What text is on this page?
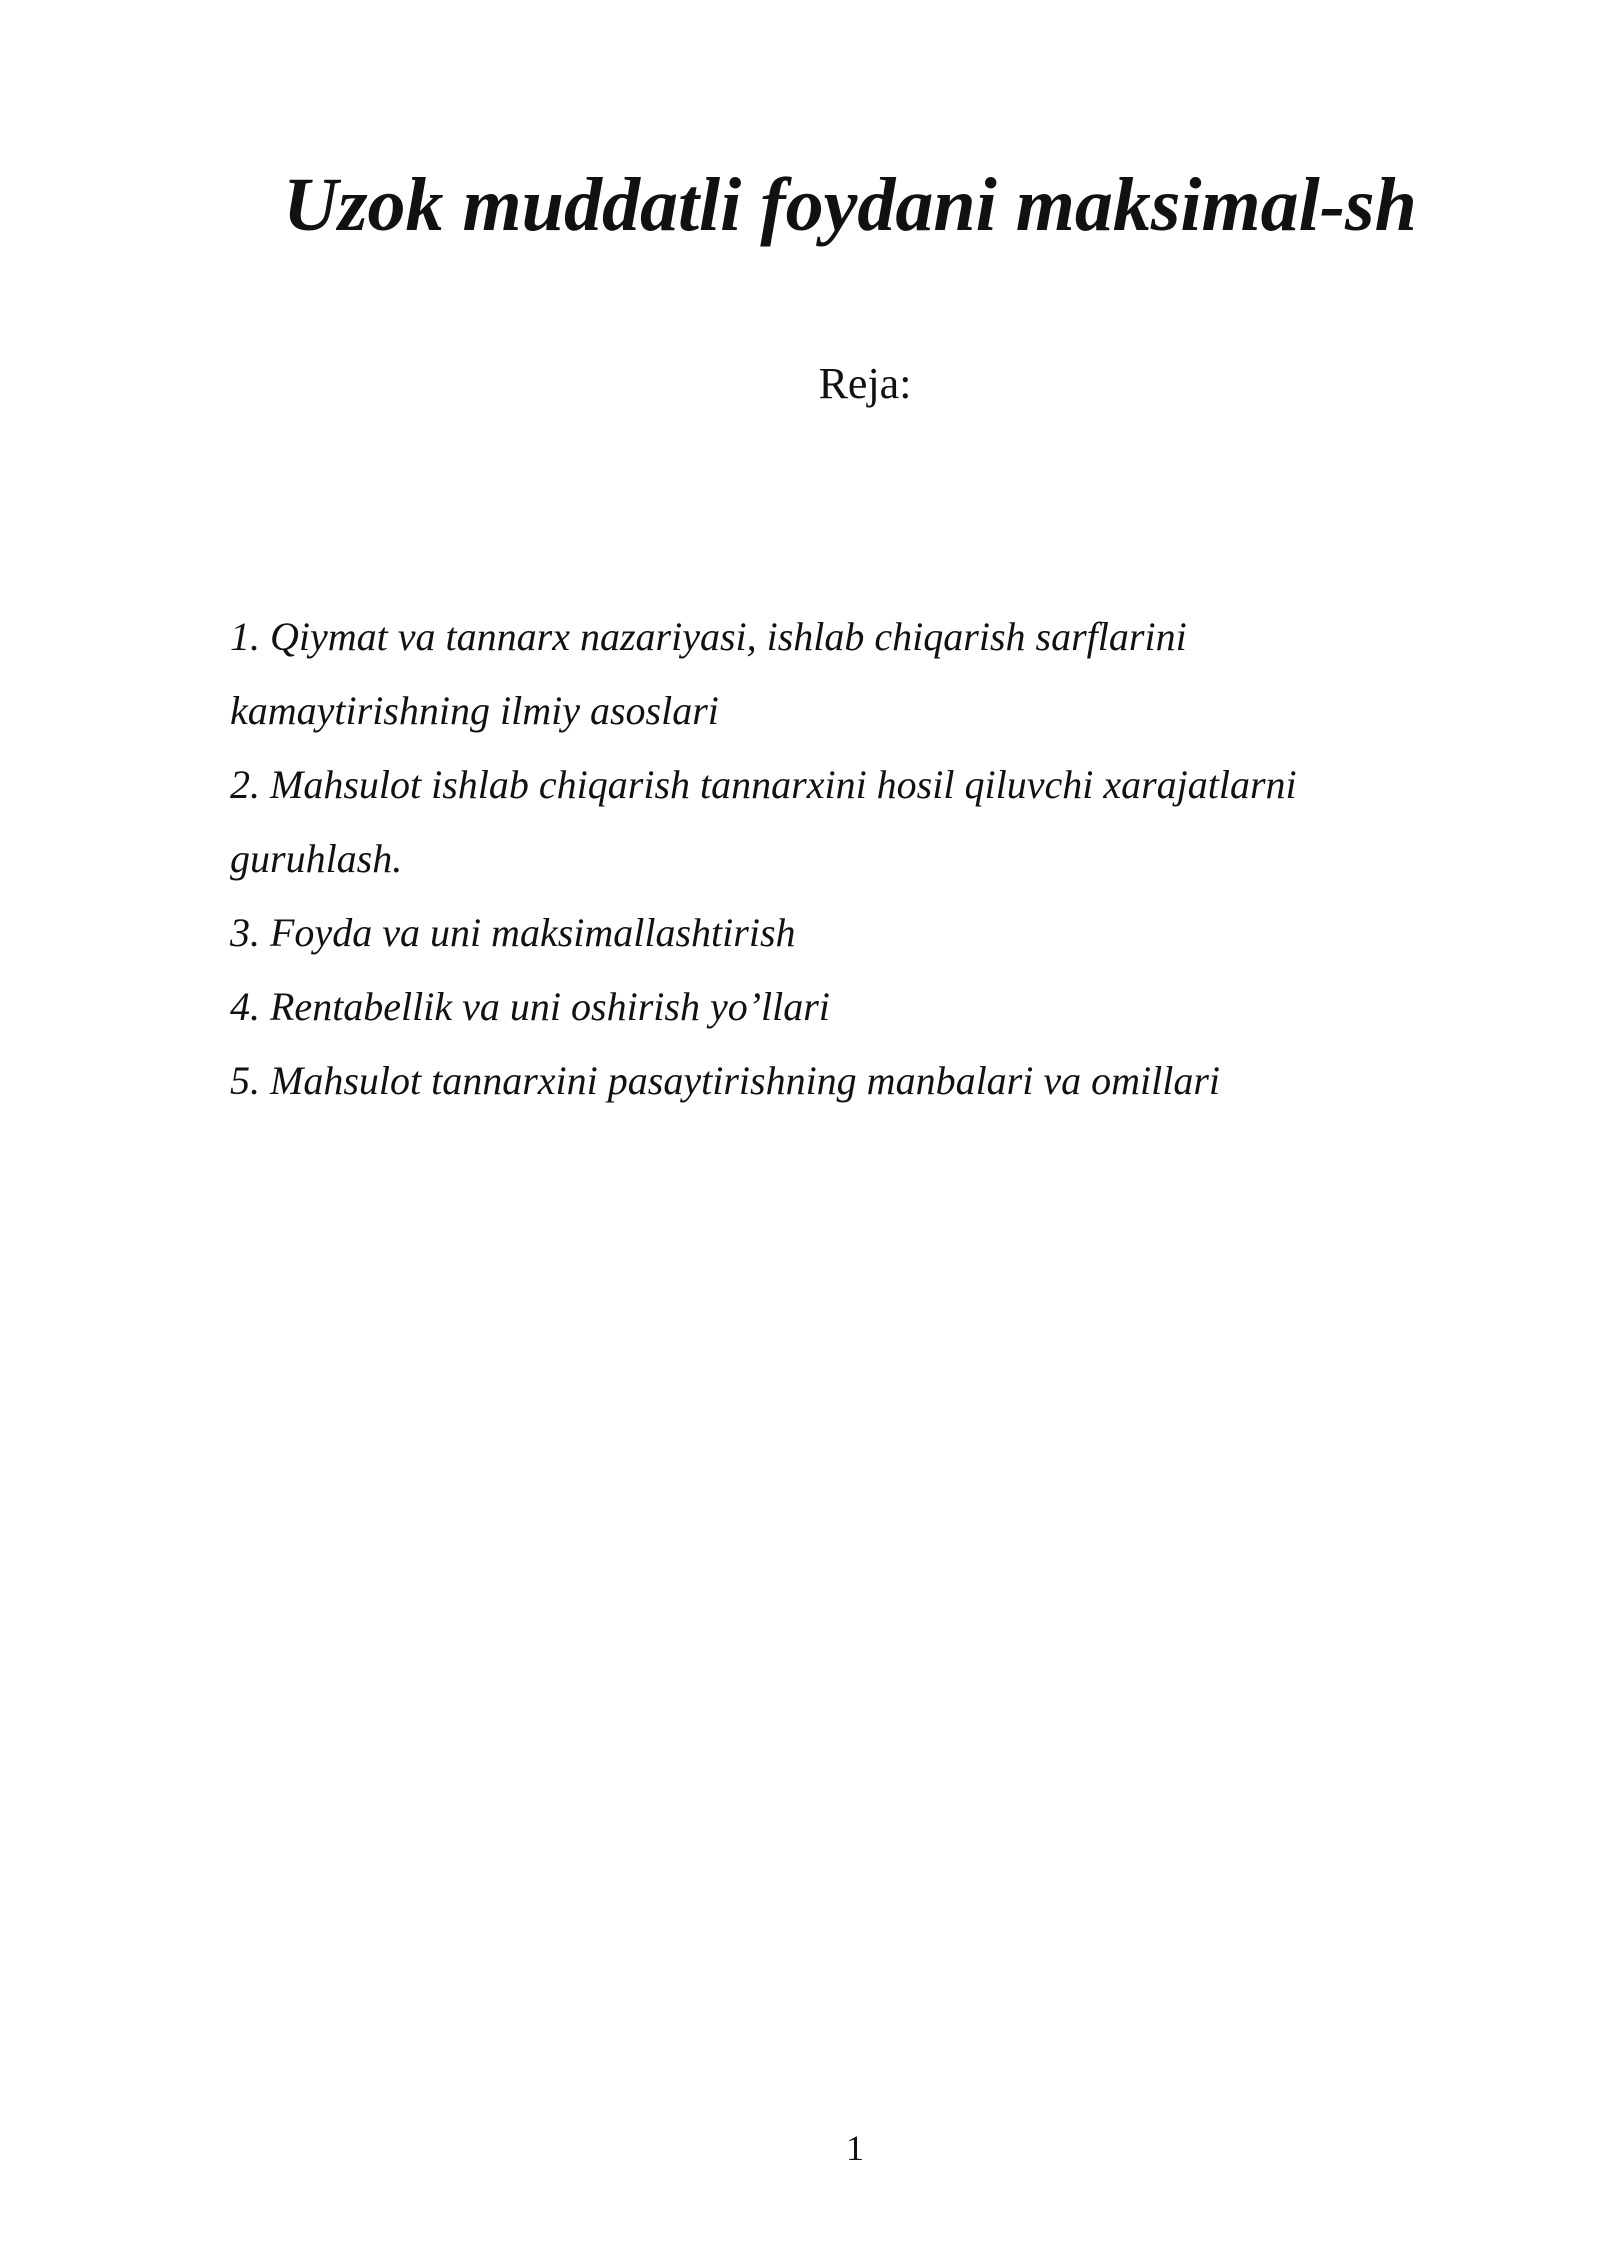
Uzok muddatli foydani maksimal-sh

Reja:

1. Qiymat va tannarx nazariyasi, ishlab chiqarish sarflarini
kamaytirishning ilmiy asoslari
2. Mahsulot ishlab chiqarish tannarxini hosil qiluvchi xarajatlarni
guruhlash.
3. Foyda va uni maksimallashtirish
4. Rentabellik va uni oshirish yo’llari
5. Mahsulot tannarxini pasaytirishning manbalari va omillari
1
